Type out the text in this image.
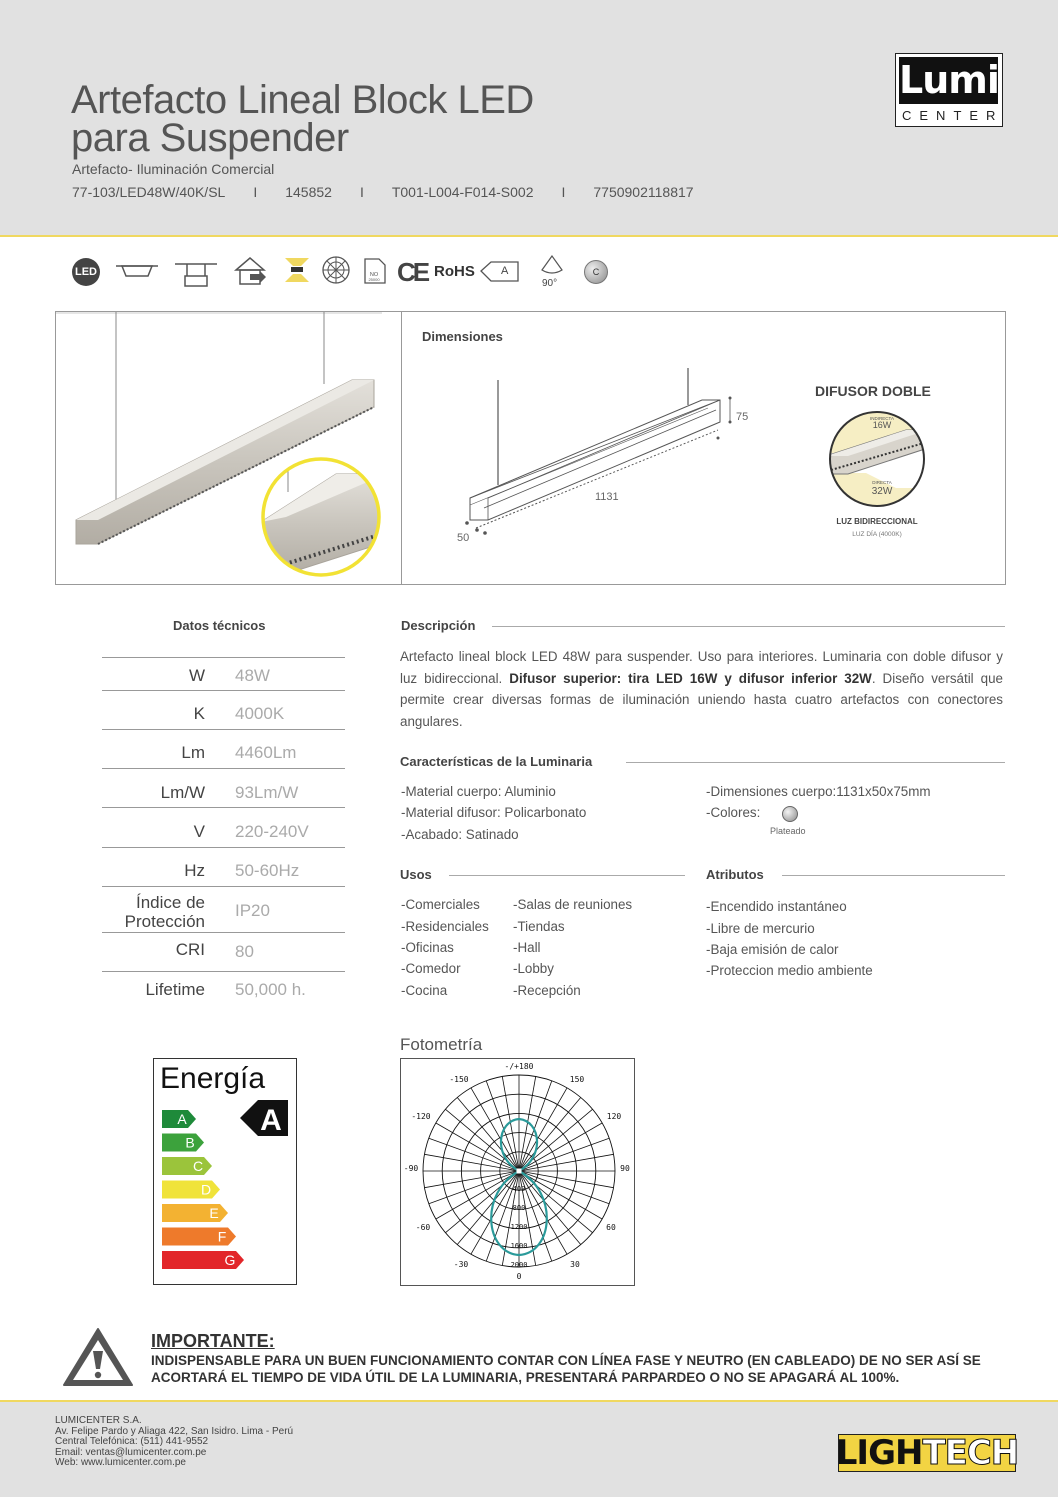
Artefacto Lineal Block LED
para Suspender
Artefacto- Iluminación Comercial
77-103/LED48W/40K/SL I 145852 I T001-L004-F014-S002 I 7750902118817
Lumi
CENTER
LED	NO
25000 CE RoHS A
90°
C
Dimensiones
75
1131
50
DIFUSOR DOBLE
INDIRECTA
16W
DIRECTA
32W
LUZ BIDIRECCIONAL
LUZ DÍA (4000K)
Datos técnicos
W 48W
K 4000K
Lm 4460Lm
Lm/W 93Lm/W
V 220-240V
Hz 50-60Hz
Índice de
Protección
IP20
CRI 80
Lifetime 50,000 h.
Descripción
Artefacto lineal block LED 48W para suspender. Uso para interiores. Luminaria con doble difusor y luz bidireccional. Difusor superior: tira LED 16W y difusor inferior 32W. Diseño versátil que permite crear diversas formas de iluminación uniendo hasta cuatro artefactos con conectores angulares.
Características de la Luminaria
-Material cuerpo: Aluminio
-Material difusor: Policarbonato
-Acabado: Satinado
-Dimensiones cuerpo:1131x50x75mm
-Colores:
Plateado
Usos
-Comerciales
-Residenciales
-Oficinas
-Comedor
-Cocina
-Salas de reuniones
-Tiendas
-Hall
-Lobby
-Recepción
Atributos
-Encendido instantáneo
-Libre de mercurio
-Baja emisión de calor
-Proteccion medio ambiente
Energía
A
A
B
C
D
E
F
G
Fotometría
-/+180
-150	150
-120	120
-90	90
-60	60
-30	30
0
400
800
1200
1600
2000
IMPORTANTE:
INDISPENSABLE PARA UN BUEN FUNCIONAMIENTO CONTAR CON LÍNEA FASE Y NEUTRO (EN CABLEADO) DE NO SER ASÍ SE ACORTARÁ EL TIEMPO DE VIDA ÚTIL DE LA LUMINARIA, PRESENTARÁ PARPARDEO O NO SE APAGARÁ AL 100%.
LUMICENTER S.A.
Av. Felipe Pardo y Aliaga 422, San Isidro. Lima - Perú
Central Telefónica: (511) 441-9552
Email: ventas@lumicenter.com.pe
Web: www.lumicenter.com.pe	LIGH TECH
